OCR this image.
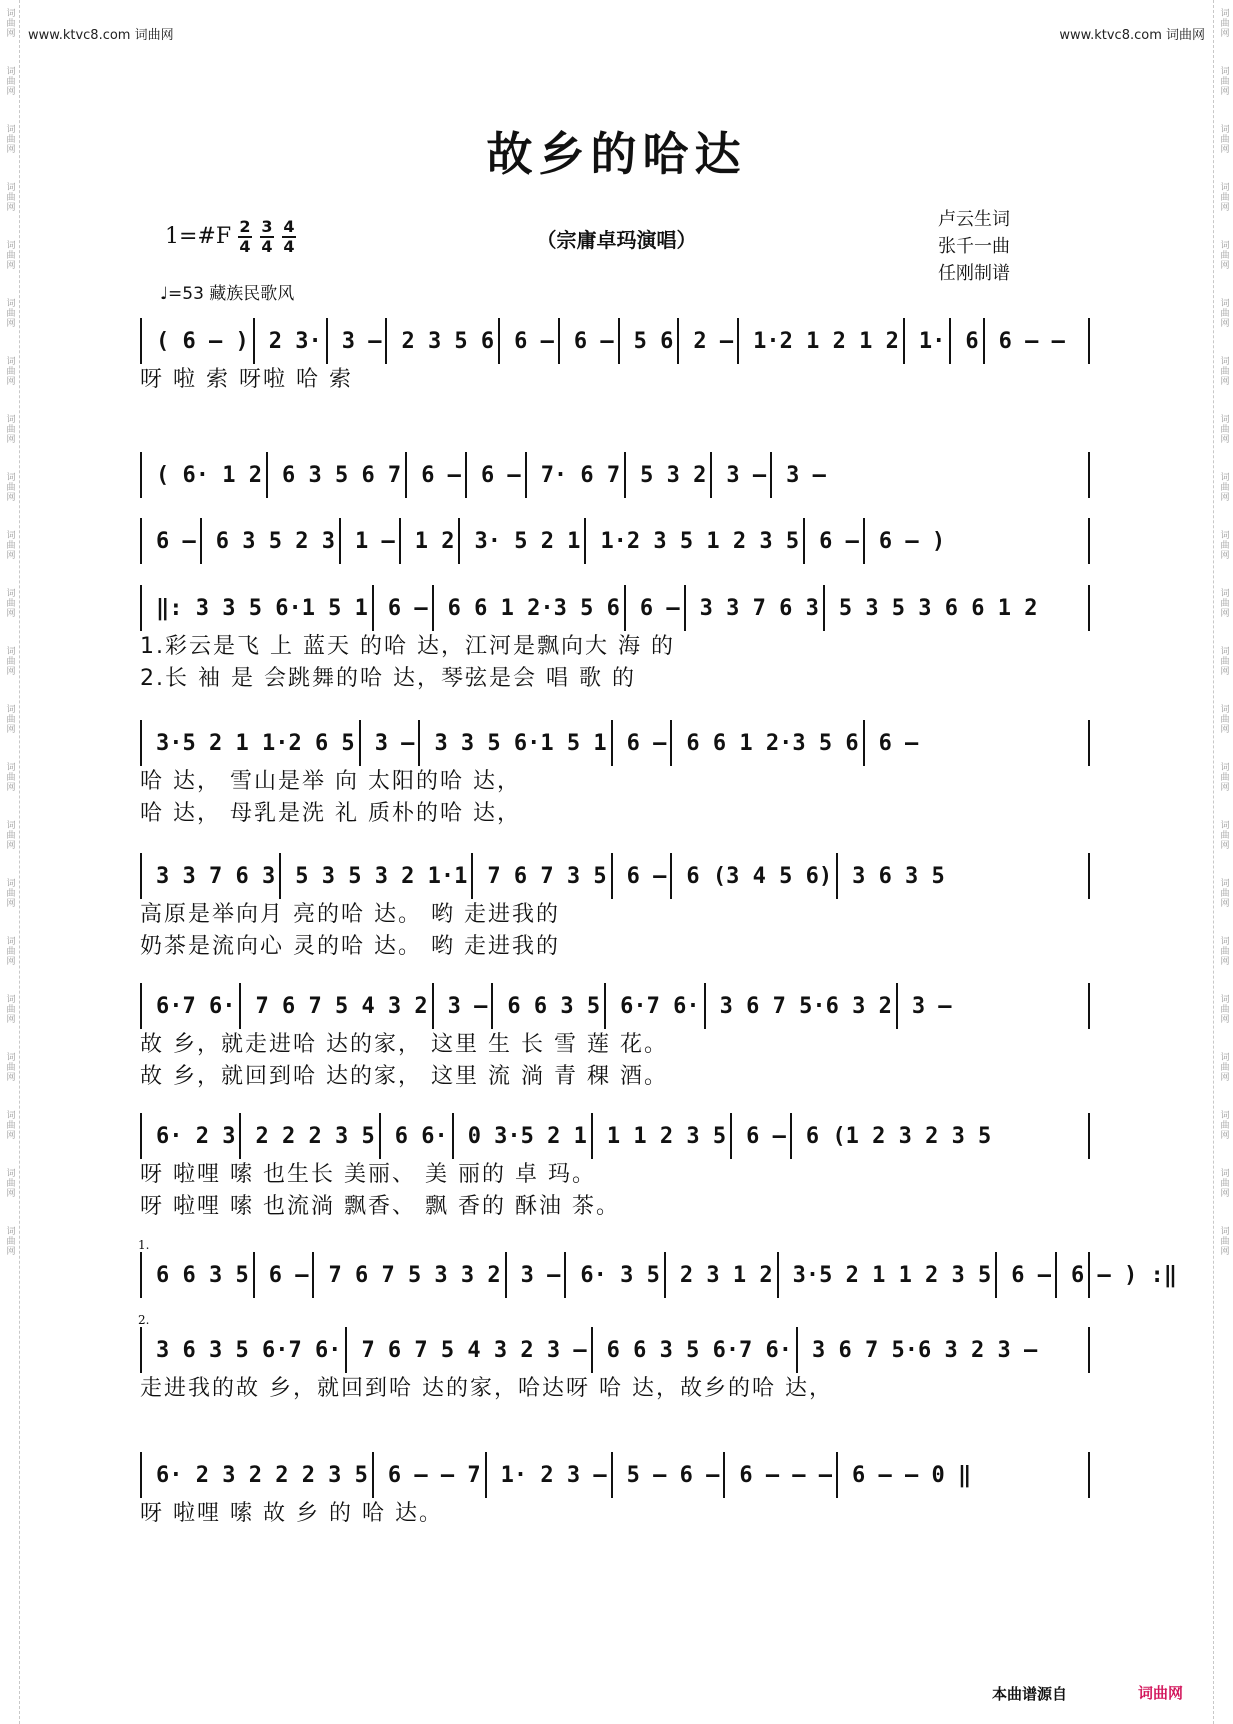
词曲网
词曲网
词曲网
词曲网
词曲网
词曲网
词曲网
词曲网
词曲网
词曲网
词曲网
词曲网
词曲网
词曲网
词曲网
词曲网
词曲网
词曲网
词曲网
词曲网
词曲网
词曲网
词曲网
词曲网
词曲网
词曲网
词曲网
词曲网
词曲网
词曲网
词曲网
词曲网
词曲网
词曲网
词曲网
词曲网
词曲网
词曲网
词曲网
词曲网
词曲网
词曲网
词曲网
词曲网
www.ktvc8.com 词曲网	www.ktvc8.com 词曲网
故乡的哈达
1=#F $\frac{2}{4} \frac{3}{4} \frac{4}{4}$	（宗庸卓玛演唱）
卢云生词
张千一曲
任刚制谱
♩=53 藏族民歌风
( 6 – ) 2 3· 3 – 2 3 5 6 6 – 6 – 5 6 2 – 1·2 1 2 1 2 1· 6 6 – –
呀 啦 索 呀啦 哈 索
( 6· 1 2 6 3 5 6 7 6 – 6 – 7· 6 7 5 3 2 3 – 3 –
6 – 6 3 5 2 3 1 – 1 2 3· 5 2 1 1·2 3 5 1 2 3 5 6 – 6 – )
‖: 3 3 5 6·1 5 1 6 – 6 6 1 2·3 5 6 6 – 3 3 7 6 3 5 3 5 3 6 6 1 2
1.彩云是飞 上 蓝天 的哈 达，江河是飘向大 海 的
2.长 袖 是 会跳舞的哈 达，琴弦是会 唱 歌 的
3·5 2 1 1·2 6 5 3 – 3 3 5 6·1 5 1 6 – 6 6 1 2·3 5 6 6 –
哈 达， 雪山是举 向 太阳的哈 达，
哈 达， 母乳是洗 礼 质朴的哈 达，
3 3 7 6 3 5 3 5 3 2 1·1 7 6 7 3 5 6 – 6 (3 4 5 6) 3 6 3 5
高原是举向月 亮的哈 达。 哟 走进我的
奶茶是流向心 灵的哈 达。 哟 走进我的
6·7 6· 7 6 7 5 4 3 2 3 – 6 6 3 5 6·7 6· 3 6 7 5·6 3 2 3 –
故 乡，就走进哈 达的家， 这里 生 长 雪 莲 花。
故 乡，就回到哈 达的家， 这里 流 淌 青 稞 酒。
6· 2 3 2 2 2 3 5 6 6· 0 3·5 2 1 1 1 2 3 5 6 – 6 (1 2 3 2 3 5
呀 啦哩 嗦 也生长 美丽、 美 丽的 卓 玛。
呀 啦哩 嗦 也流淌 飘香、 飘 香的 酥油 茶。
1.
6 6 3 5 6 – 7 6 7 5 3 3 2 3 – 6· 3 5 2 3 1 2 3·5 2 1 1 2 3 5 6 – 6 – ) :‖
2.
3 6 3 5 6·7 6· 7 6 7 5 4 3 2 3 – 6 6 3 5 6·7 6· 3 6 7 5·6 3 2 3 –
走进我的故 乡，就回到哈 达的家，哈达呀 哈 达，故乡的哈 达，
6· 2 3 2 2 2 3 5 6 – – 7 1· 2 3 – 5 – 6 – 6 – – – 6 – – 0 ‖
呀 啦哩 嗦 故 乡 的 哈 达。
本曲谱源自	词曲网
